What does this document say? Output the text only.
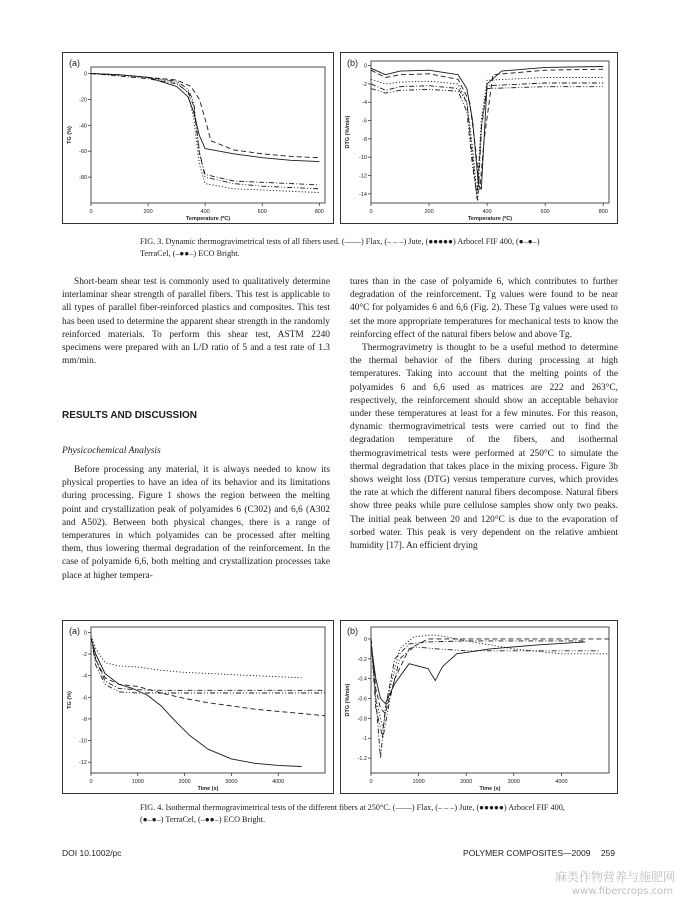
(a)
0	200	400	600	800
0
-20
-40
-60
-80
Temperature (ºC)
TG (%)
(b)
0	200	400	600	800
0
-2
-4
-6
-8
-10
-12
-14
Temperature (ºC)
DTG (%/min)
FIG. 3. Dynamic thermogravimetrical tests of all fibers used. (——) Flax, (– – –) Jute, (●●●●●) Arbocel FIF 400, (●–●–) TerraCel, (–●●–) ECO Bright.

Short-beam shear test is commonly used to qualitatively determine interlaminar shear strength of parallel fibers. This test is applicable to all types of parallel fiber-reinforced plastics and composites. This test has been used to determine the apparent shear strength in the randomly reinforced materials. To perform this shear test, ASTM 2240 specimens were prepared with an L/D ratio of 5 and a test rate of 1.3 mm/min.

RESULTS AND DISCUSSION
Physicochemical Analysis

Before processing any material, it is always needed to know its physical properties to have an idea of its behavior and its limitations during processing. Figure 1 shows the region between the melting point and crystallization peak of polyamides 6 (C302) and 6,6 (A302 and A502). Between both physical changes, there is a range of temperatures in which polyamides can be processed after melting them, thus lowering thermal degradation of the reinforcement. In the case of polyamide 6,6, both melting and crystallization processes take place at higher tempera-

tures than in the case of polyamide 6, which contributes to further degradation of the reinforcement. Tg values were found to be near 40°C for polyamides 6 and 6,6 (Fig. 2). These Tg values were used to set the more appropriate temperatures for mechanical tests to know the reinforcing effect of the natural fibers below and above Tg.

Thermogravimetry is thought to be a useful method to determine the thermal behavior of the fibers during processing at high temperatures. Taking into account that the melting points of the polyamides 6 and 6,6 used as matrices are 222 and 263°C, respectively, the reinforcement should show an acceptable behavior under these temperatures at least for a few minutes. For this reason, dynamic thermogravimetrical tests were carried out to find the degradation temperature of the fibers, and isothermal thermogravimetrical tests were performed at 250°C to simulate the thermal degradation that takes place in the mixing process. Figure 3b shows weight loss (DTG) versus temperature curves, which provides the rate at which the different natural fibers decompose. Natural fibers show three peaks while pure cellulose samples show only two peaks. The initial peak between 20 and 120°C is due to the evaporation of sorbed water. This peak is very dependent on the relative ambient humidity [17]. An efficient drying

(a)
0	1000	2000	3000	4000
0
-2
-4
-6
-8
-10
-12
Time (s)
TG (%)
(b)
0	1000	2000	3000	4000
0
-0.2
-0.4
-0.6
-0.8
-1
-1.2
Time (s)
DTG (%/min)
FIG. 4. Isothermal thermogravimetrical tests of the different fibers at 250°C. (——) Flax, (– – –) Jute, (●●●●●) Arbocel FIF 400, (●–●–) TerraCel, (–●●–) ECO Bright.
DOI 10.1002/pc	POLYMER COMPOSITES—2009 259
麻类作物营养与施肥网
www.fibercrops.com
